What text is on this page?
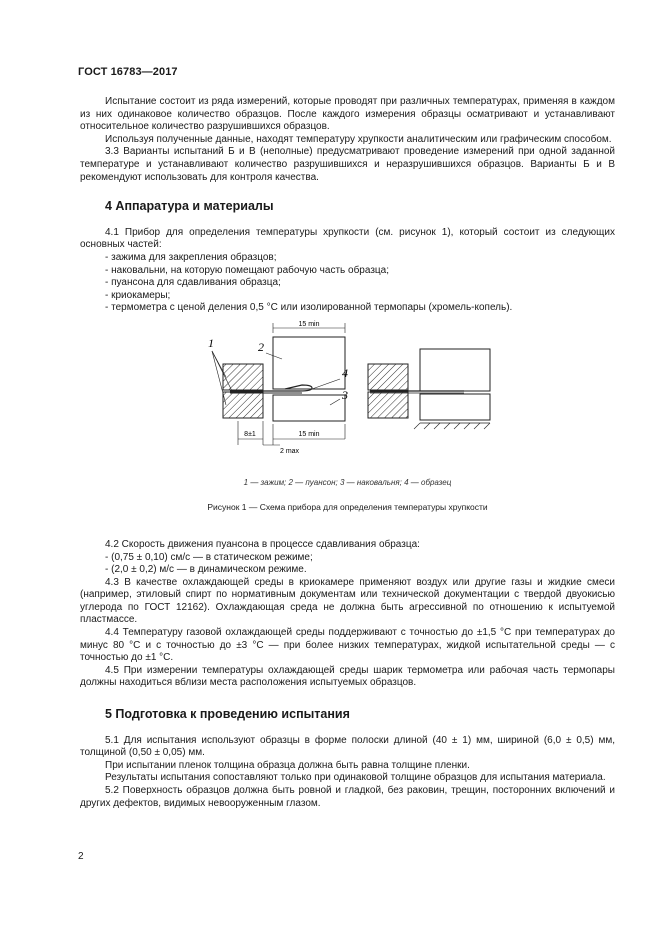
ГОСТ 16783—2017

Испытание состоит из ряда измерений, которые проводят при различных температурах, применяя в каждом из них одинаковое количество образцов. После каждого измерения образцы осматривают и устанавливают относительное количество разрушившихся образцов.

Используя полученные данные, находят температуру хрупкости аналитическим или графическим способом.

3.3 Варианты испытаний Б и В (неполные) предусматривают проведение измерений при одной заданной температуре и устанавливают количество разрушившихся и неразрушившихся образцов. Варианты Б и В рекомендуют использовать для контроля качества.

4 Аппаратура и материалы

4.1 Прибор для определения температуры хрупкости (см. рисунок 1), который состоит из следующих основных частей:

- зажима для закрепления образцов;
- наковальни, на которую помещают рабочую часть образца;
- пуансона для сдавливания образца;
- криокамеры;
- термометра с ценой деления 0,5 °C или изолированной термопары (хромель-копель).
15 min
15 min
8±1
2 max
1	2
4
3
1 — зажим; 2 — пуансон; 3 — наковальня; 4 — образец
Рисунок 1 — Схема прибора для определения температуры хрупкости

4.2 Скорость движения пуансона в процессе сдавливания образца:

- (0,75 ± 0,10) см/с — в статическом режиме;
- (2,0 ± 0,2) м/с — в динамическом режиме.

4.3 В качестве охлаждающей среды в криокамере применяют воздух или другие газы и жидкие смеси (например, этиловый спирт по нормативным документам или технической документации с твердой двуокисью углерода по ГОСТ 12162). Охлаждающая среда не должна быть агрессивной по отношению к испытуемой пластмассе.

4.4 Температуру газовой охлаждающей среды поддерживают с точностью до ±1,5 °C при температурах до минус 80 °C и с точностью до ±3 °C — при более низких температурах, жидкой испытательной среды — с точностью до ±1 °C.

4.5 При измерении температуры охлаждающей среды шарик термометра или рабочая часть термопары должны находиться вблизи места расположения испытуемых образцов.

5 Подготовка к проведению испытания

5.1 Для испытания используют образцы в форме полоски длиной (40 ± 1) мм, шириной (6,0 ± 0,5) мм, толщиной (0,50 ± 0,05) мм.

При испытании пленок толщина образца должна быть равна толщине пленки.

Результаты испытания сопоставляют только при одинаковой толщине образцов для испытания материала.

5.2 Поверхность образцов должна быть ровной и гладкой, без раковин, трещин, посторонних включений и других дефектов, видимых невооруженным глазом.

2
